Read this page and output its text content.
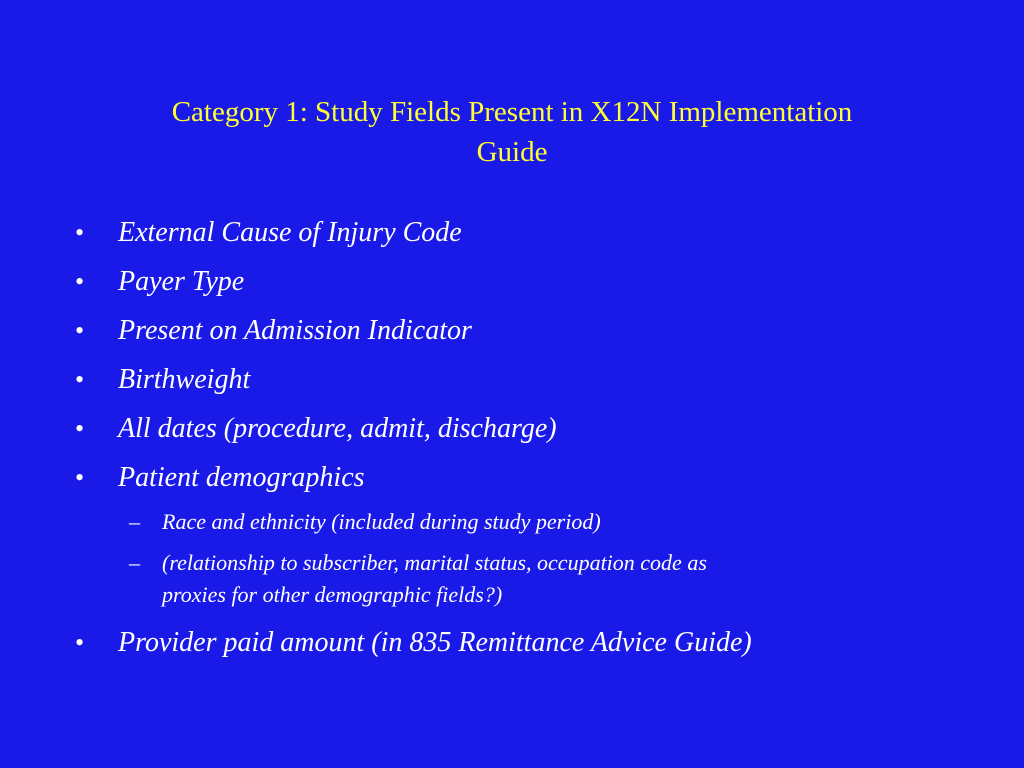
Category 1: Study Fields Present in X12N Implementation
Guide
• External Cause of Injury Code
• Payer Type
• Present on Admission Indicator
• Birthweight
• All dates (procedure, admit, discharge)
• Patient demographics
– Race and ethnicity (included during study period)
– (relationship to subscriber, marital status, occupation code as
proxies for other demographic fields?)
• Provider paid amount (in 835 Remittance Advice Guide)
